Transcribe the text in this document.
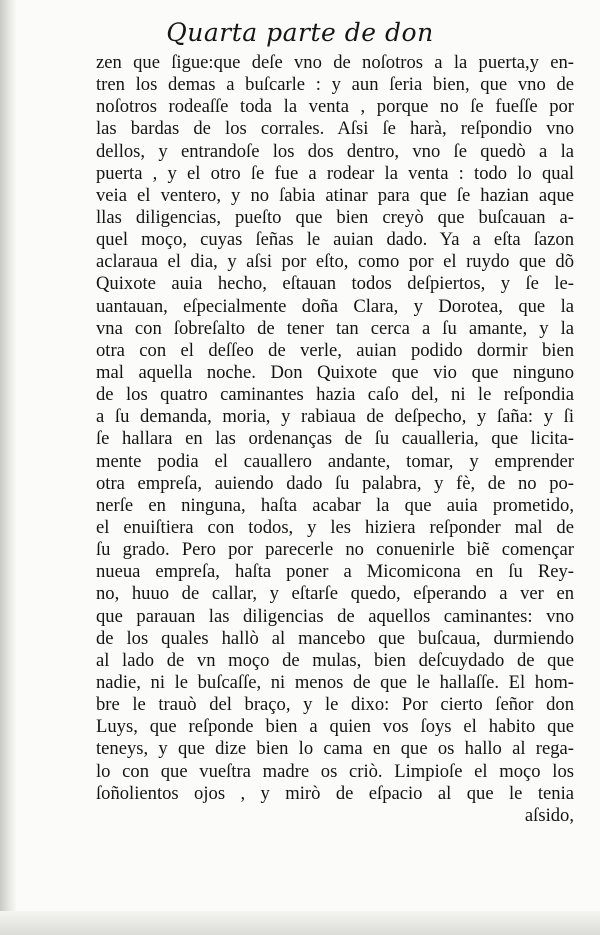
Quarta parte de don
zen que ſigue:que deſe vno de noſotros a la puerta,y en-
tren los demas a buſcarle : y aun ſeria bien, que vno de
noſotros rodeaſſe toda la venta , porque no ſe fueſſe por
las bardas de los corrales. Aſsi ſe harà, reſpondio vno
dellos, y entrandoſe los dos dentro, vno ſe quedò a la
puerta , y el otro ſe fue a rodear la venta : todo lo qual
veia el ventero, y no ſabia atinar para que ſe hazian aque
llas diligencias, pueſto que bien creyò que buſcauan a-
quel moço, cuyas ſeñas le auian dado. Ya a eſta ſazon
aclaraua el dia, y aſsi por eſto, como por el ruydo que dõ
Quixote auia hecho, eſtauan todos deſpiertos, y ſe le-
uantauan, eſpecialmente doña Clara, y Dorotea, que la
vna con ſobreſalto de tener tan cerca a ſu amante, y la
otra con el deſſeo de verle, auian podido dormir bien
mal aquella noche. Don Quixote que vio que ninguno
de los quatro caminantes hazia caſo del, ni le reſpondia
a ſu demanda, moria, y rabiaua de deſpecho, y ſaña: y ſi
ſe hallara en las ordenanças de ſu caualleria, que licita-
mente podia el cauallero andante, tomar, y emprender
otra empreſa, auiendo dado ſu palabra, y fè, de no po-
nerſe en ninguna, haſta acabar la que auia prometido,
el enuiſtiera con todos, y les hiziera reſponder mal de
ſu grado. Pero por parecerle no conuenirle biẽ començar
nueua empreſa, haſta poner a Micomicona en ſu Rey-
no, huuo de callar, y eſtarſe quedo, eſperando a ver en
que parauan las diligencias de aquellos caminantes: vno
de los quales hallò al mancebo que buſcaua, durmiendo
al lado de vn moço de mulas, bien deſcuydado de que
nadie, ni le buſcaſſe, ni menos de que le hallaſſe. El hom-
bre le trauò del braço, y le dixo: Por cierto ſeñor don
Luys, que reſponde bien a quien vos ſoys el habito que
teneys, y que dize bien lo cama en que os hallo al rega-
lo con que vueſtra madre os criò. Limpioſe el moço los
ſoñolientos ojos , y mirò de eſpacio al que le tenia
aſsido,
